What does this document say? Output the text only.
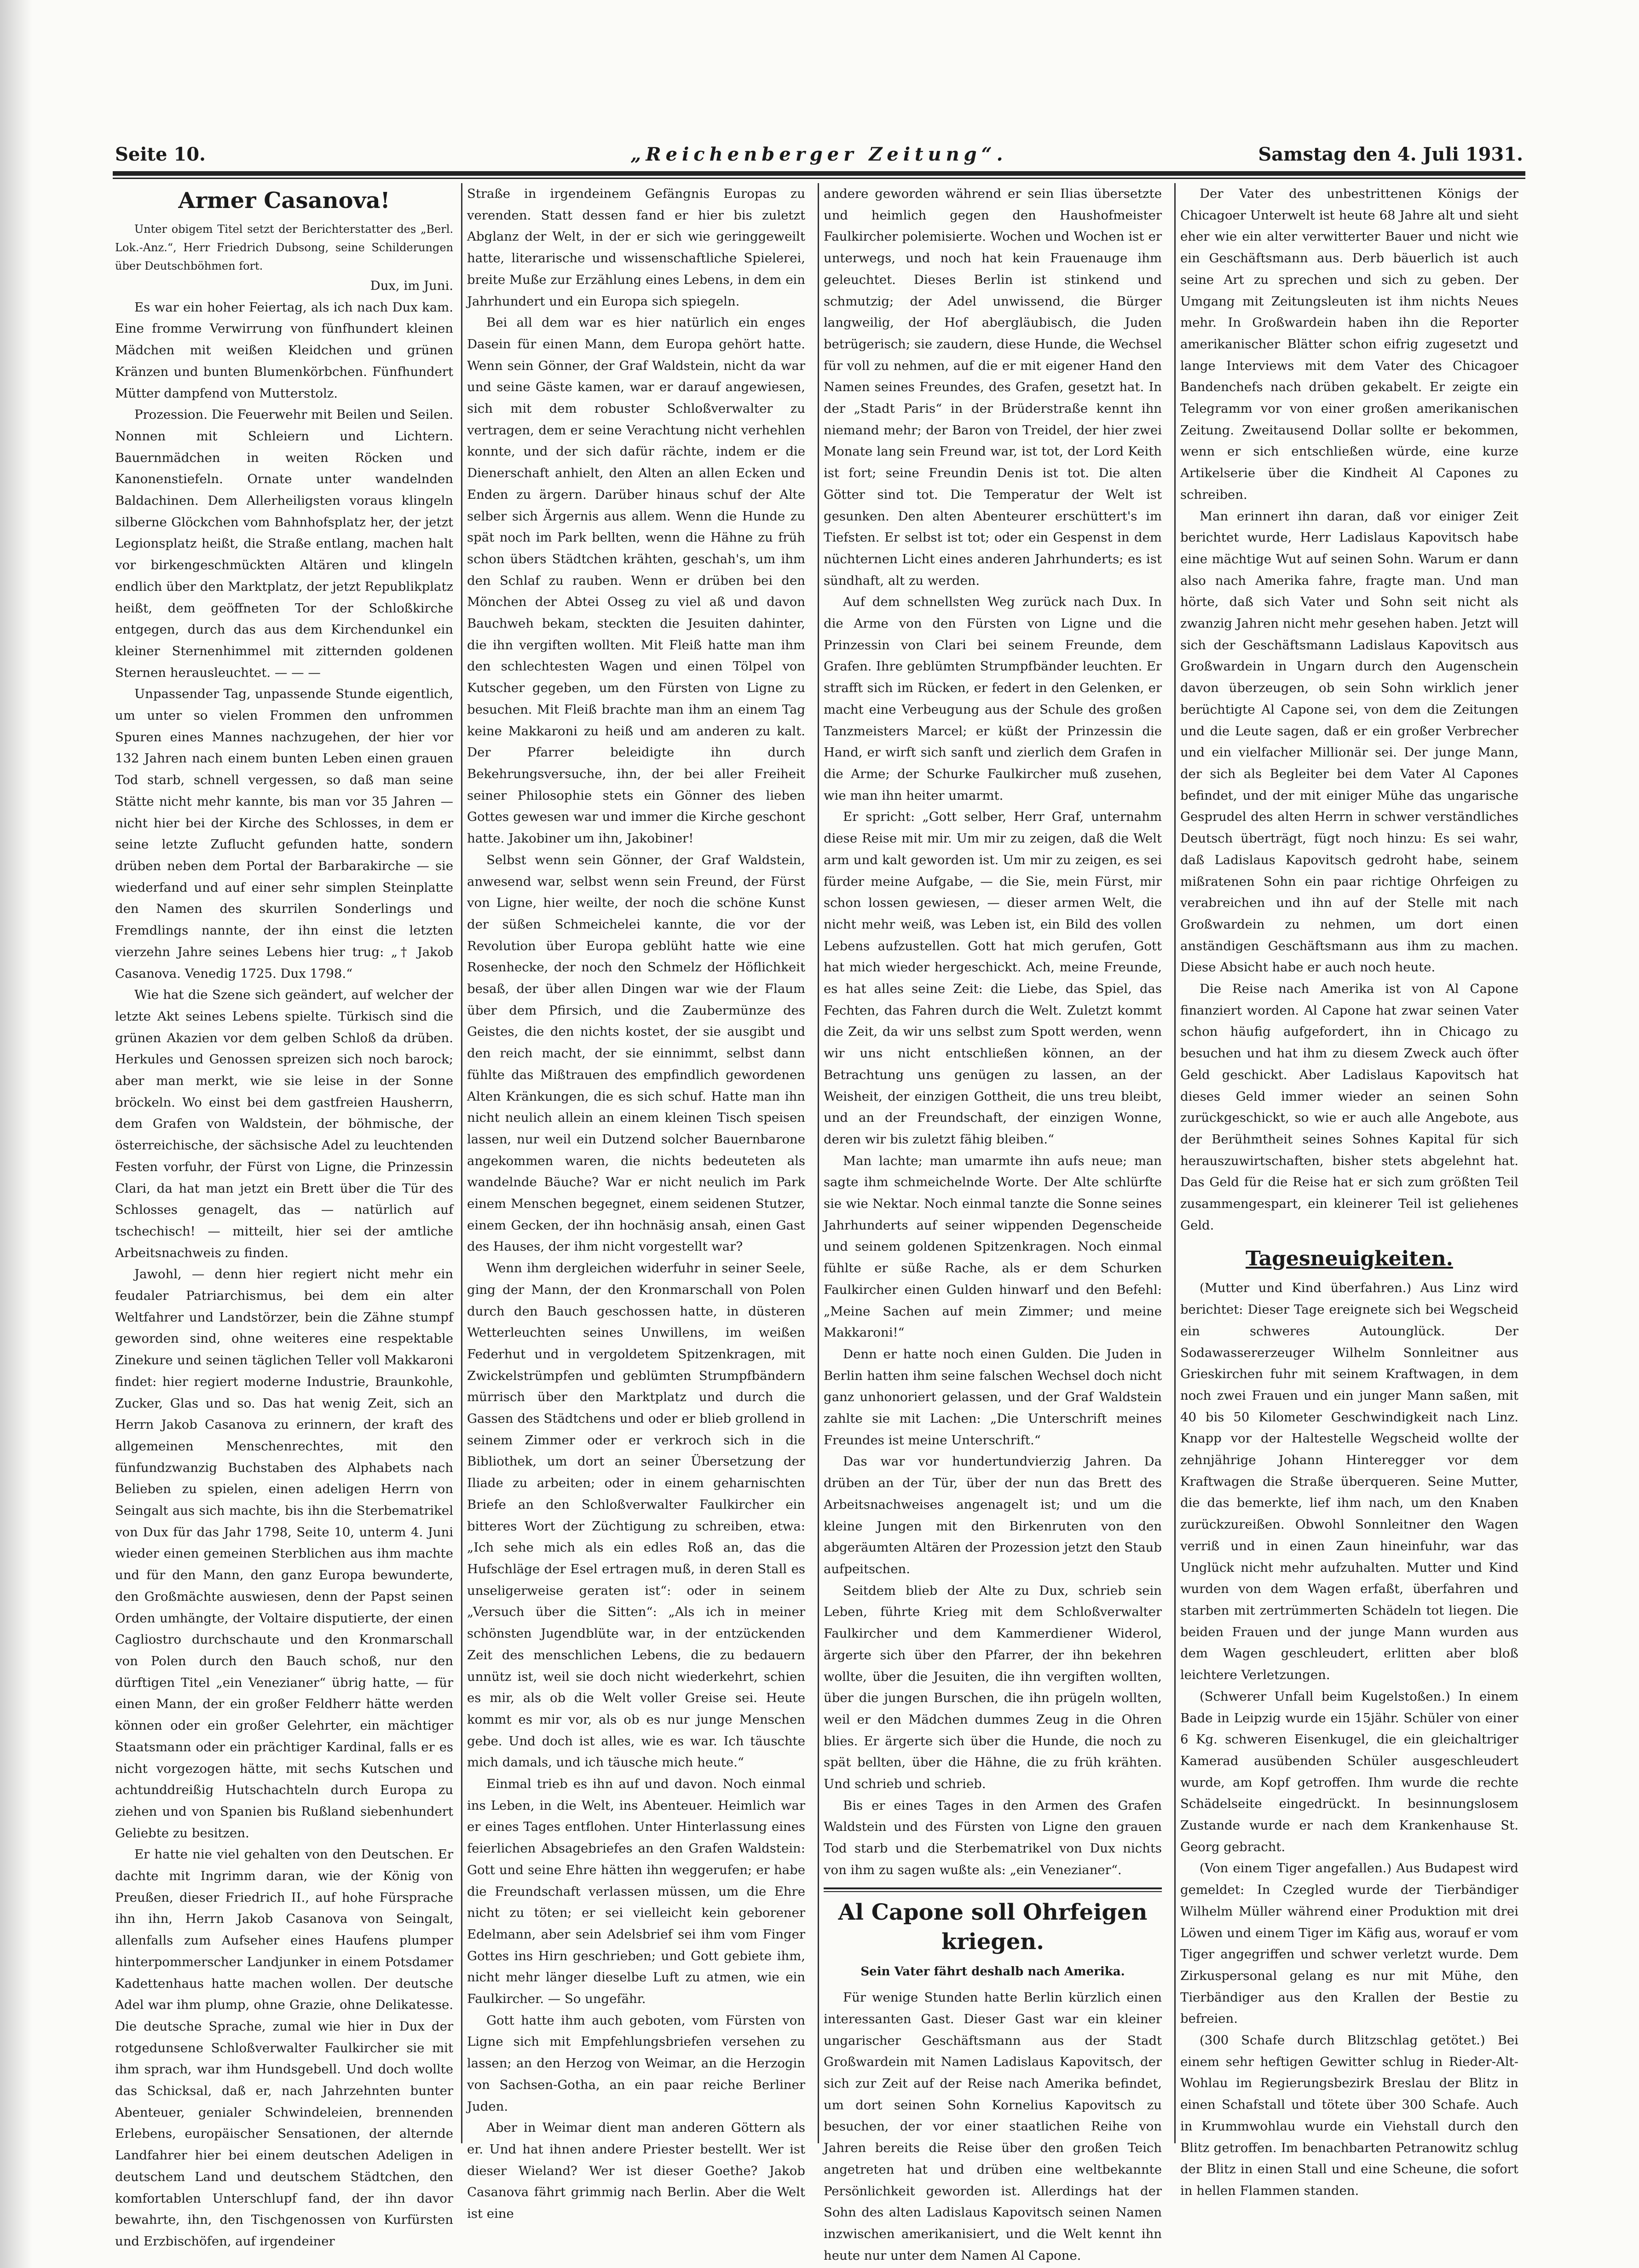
Seite 10.	„Reichenberger Zeitung“.	Samstag den 4. Juli 1931.
Armer Casanova!

Unter obigem Titel setzt der Berichterstatter des „Berl. Lok.-Anz.“, Herr Friedrich Dubsong, seine Schilderungen über Deutschböhmen fort.

Dux, im Juni.

Es war ein hoher Feiertag, als ich nach Dux kam. Eine fromme Verwirrung von fünfhundert kleinen Mädchen mit weißen Kleidchen und grünen Kränzen und bunten Blumenkörbchen. Fünfhundert Mütter dampfend von Mutterstolz.

Prozession. Die Feuerwehr mit Beilen und Seilen. Nonnen mit Schleiern und Lichtern. Bauernmädchen in weiten Röcken und Kanonenstiefeln. Ornate unter wandelnden Baldachinen. Dem Allerheiligsten voraus klingeln silberne Glöckchen vom Bahnhofsplatz her, der jetzt Legionsplatz heißt, die Straße entlang, machen halt vor birkengeschmückten Altären und klingeln endlich über den Marktplatz, der jetzt Republikplatz heißt, dem geöffneten Tor der Schloßkirche entgegen, durch das aus dem Kirchendunkel ein kleiner Sternenhimmel mit zitternden goldenen Sternen herausleuchtet. — — —

Unpassender Tag, unpassende Stunde eigentlich, um unter so vielen Frommen den unfrommen Spuren eines Mannes nachzugehen, der hier vor 132 Jahren nach einem bunten Leben einen grauen Tod starb, schnell vergessen, so daß man seine Stätte nicht mehr kannte, bis man vor 35 Jahren — nicht hier bei der Kirche des Schlosses, in dem er seine letzte Zuflucht gefunden hatte, sondern drüben neben dem Portal der Barbarakirche — sie wiederfand und auf einer sehr simplen Steinplatte den Namen des skurrilen Sonderlings und Fremdlings nannte, der ihn einst die letzten vierzehn Jahre seines Lebens hier trug: „† Jakob Casanova. Venedig 1725. Dux 1798.“

Wie hat die Szene sich geändert, auf welcher der letzte Akt seines Lebens spielte. Türkisch sind die grünen Akazien vor dem gelben Schloß da drüben. Herkules und Genossen spreizen sich noch barock; aber man merkt, wie sie leise in der Sonne bröckeln. Wo einst bei dem gastfreien Hausherrn, dem Grafen von Waldstein, der böhmische, der österreichische, der sächsische Adel zu leuchtenden Festen vorfuhr, der Fürst von Ligne, die Prinzessin Clari, da hat man jetzt ein Brett über die Tür des Schlosses genagelt, das — natürlich auf tschechisch! — mitteilt, hier sei der amtliche Arbeitsnachweis zu finden.

Jawohl, — denn hier regiert nicht mehr ein feudaler Patriarchismus, bei dem ein alter Weltfahrer und Landstörzer, bein die Zähne stumpf geworden sind, ohne weiteres eine respektable Zinekure und seinen täglichen Teller voll Makkaroni findet: hier regiert moderne Industrie, Braunkohle, Zucker, Glas und so. Das hat wenig Zeit, sich an Herrn Jakob Casanova zu erinnern, der kraft des allgemeinen Menschenrechtes, mit den fünfundzwanzig Buchstaben des Alphabets nach Belieben zu spielen, einen adeligen Herrn von Seingalt aus sich machte, bis ihn die Sterbematrikel von Dux für das Jahr 1798, Seite 10, unterm 4. Juni wieder einen gemeinen Sterblichen aus ihm machte und für den Mann, den ganz Europa bewunderte, den Großmächte auswiesen, denn der Papst seinen Orden umhängte, der Voltaire disputierte, der einen Cagliostro durchschaute und den Kronmarschall von Polen durch den Bauch schoß, nur den dürftigen Titel „ein Venezianer“ übrig hatte, — für einen Mann, der ein großer Feldherr hätte werden können oder ein großer Gelehrter, ein mächtiger Staatsmann oder ein prächtiger Kardinal, falls er es nicht vorgezogen hätte, mit sechs Kutschen und achtunddreißig Hutschachteln durch Europa zu ziehen und von Spanien bis Rußland siebenhundert Geliebte zu besitzen.

Er hatte nie viel gehalten von den Deutschen. Er dachte mit Ingrimm daran, wie der König von Preußen, dieser Friedrich II., auf hohe Fürsprache ihn ihn, Herrn Jakob Casanova von Seingalt, allenfalls zum Aufseher eines Haufens plumper hinterpommerscher Landjunker in einem Potsdamer Kadettenhaus hatte machen wollen. Der deutsche Adel war ihm plump, ohne Grazie, ohne Delikatesse. Die deutsche Sprache, zumal wie hier in Dux der rotgedunsene Schloßverwalter Faulkircher sie mit ihm sprach, war ihm Hundsgebell. Und doch wollte das Schicksal, daß er, nach Jahrzehnten bunter Abenteuer, genialer Schwindeleien, brennenden Erlebens, europäischer Sensationen, der alternde Landfahrer hier bei einem deutschen Adeligen in deutschem Land und deutschem Städtchen, den komfortablen Unterschlupf fand, der ihn davor bewahrte, ihn, den Tischgenossen von Kurfürsten und Erzbischöfen, auf irgendeiner

Straße in irgendeinem Gefängnis Europas zu verenden. Statt dessen fand er hier bis zuletzt Abglanz der Welt, in der er sich wie geringgeweilt hatte, literarische und wissenschaftliche Spielerei, breite Muße zur Erzählung eines Lebens, in dem ein Jahrhundert und ein Europa sich spiegeln.

Bei all dem war es hier natürlich ein enges Dasein für einen Mann, dem Europa gehört hatte. Wenn sein Gönner, der Graf Waldstein, nicht da war und seine Gäste kamen, war er darauf angewiesen, sich mit dem robuster Schloßverwalter zu vertragen, dem er seine Verachtung nicht verhehlen konnte, und der sich dafür rächte, indem er die Dienerschaft anhielt, den Alten an allen Ecken und Enden zu ärgern. Darüber hinaus schuf der Alte selber sich Ärgernis aus allem. Wenn die Hunde zu spät noch im Park bellten, wenn die Hähne zu früh schon übers Städtchen krähten, geschah's, um ihm den Schlaf zu rauben. Wenn er drüben bei den Mönchen der Abtei Osseg zu viel aß und davon Bauchweh bekam, steckten die Jesuiten dahinter, die ihn vergiften wollten. Mit Fleiß hatte man ihm den schlechtesten Wagen und einen Tölpel von Kutscher gegeben, um den Fürsten von Ligne zu besuchen. Mit Fleiß brachte man ihm an einem Tag keine Makkaroni zu heiß und am anderen zu kalt. Der Pfarrer beleidigte ihn durch Bekehrungsversuche, ihn, der bei aller Freiheit seiner Philosophie stets ein Gönner des lieben Gottes gewesen war und immer die Kirche geschont hatte. Jakobiner um ihn, Jakobiner!

Selbst wenn sein Gönner, der Graf Waldstein, anwesend war, selbst wenn sein Freund, der Fürst von Ligne, hier weilte, der noch die schöne Kunst der süßen Schmeichelei kannte, die vor der Revolution über Europa geblüht hatte wie eine Rosenhecke, der noch den Schmelz der Höflichkeit besaß, der über allen Dingen war wie der Flaum über dem Pfirsich, und die Zaubermünze des Geistes, die den nichts kostet, der sie ausgibt und den reich macht, der sie einnimmt, selbst dann fühlte das Mißtrauen des empfindlich gewordenen Alten Kränkungen, die es sich schuf. Hatte man ihn nicht neulich allein an einem kleinen Tisch speisen lassen, nur weil ein Dutzend solcher Bauernbarone angekommen waren, die nichts bedeuteten als wandelnde Bäuche? War er nicht neulich im Park einem Menschen begegnet, einem seidenen Stutzer, einem Gecken, der ihn hochnäsig ansah, einen Gast des Hauses, der ihm nicht vorgestellt war?

Wenn ihm dergleichen widerfuhr in seiner Seele, ging der Mann, der den Kronmarschall von Polen durch den Bauch geschossen hatte, in düsteren Wetterleuchten seines Unwillens, im weißen Federhut und in vergoldetem Spitzenkragen, mit Zwickelstrümpfen und geblümten Strumpfbändern mürrisch über den Marktplatz und durch die Gassen des Städtchens und oder er blieb grollend in seinem Zimmer oder er verkroch sich in die Bibliothek, um dort an seiner Übersetzung der Iliade zu arbeiten; oder in einem geharnischten Briefe an den Schloßverwalter Faulkircher ein bitteres Wort der Züchtigung zu schreiben, etwa: „Ich sehe mich als ein edles Roß an, das die Hufschläge der Esel ertragen muß, in deren Stall es unseligerweise geraten ist“: oder in seinem „Versuch über die Sitten“: „Als ich in meiner schönsten Jugendblüte war, in der entzückenden Zeit des menschlichen Lebens, die zu bedauern unnütz ist, weil sie doch nicht wiederkehrt, schien es mir, als ob die Welt voller Greise sei. Heute kommt es mir vor, als ob es nur junge Menschen gebe. Und doch ist alles, wie es war. Ich täuschte mich damals, und ich täusche mich heute.“

Einmal trieb es ihn auf und davon. Noch einmal ins Leben, in die Welt, ins Abenteuer. Heimlich war er eines Tages entflohen. Unter Hinterlassung eines feierlichen Absagebriefes an den Grafen Waldstein: Gott und seine Ehre hätten ihn weggerufen; er habe die Freundschaft verlassen müssen, um die Ehre nicht zu töten; er sei vielleicht kein geborener Edelmann, aber sein Adelsbrief sei ihm vom Finger Gottes ins Hirn geschrieben; und Gott gebiete ihm, nicht mehr länger dieselbe Luft zu atmen, wie ein Faulkircher. — So ungefähr.

Gott hatte ihm auch geboten, vom Fürsten von Ligne sich mit Empfehlungsbriefen versehen zu lassen; an den Herzog von Weimar, an die Herzogin von Sachsen-Gotha, an ein paar reiche Berliner Juden.

Aber in Weimar dient man anderen Göttern als er. Und hat ihnen andere Priester bestellt. Wer ist dieser Wieland? Wer ist dieser Goethe? Jakob Casanova fährt grimmig nach Berlin. Aber die Welt ist eine

andere geworden während er sein Ilias übersetzte und heimlich gegen den Haushofmeister Faulkircher polemisierte. Wochen und Wochen ist er unterwegs, und noch hat kein Frauenauge ihm geleuchtet. Dieses Berlin ist stinkend und schmutzig; der Adel unwissend, die Bürger langweilig, der Hof abergläubisch, die Juden betrügerisch; sie zaudern, diese Hunde, die Wechsel für voll zu nehmen, auf die er mit eigener Hand den Namen seines Freundes, des Grafen, gesetzt hat. In der „Stadt Paris“ in der Brüderstraße kennt ihn niemand mehr; der Baron von Treidel, der hier zwei Monate lang sein Freund war, ist tot, der Lord Keith ist fort; seine Freundin Denis ist tot. Die alten Götter sind tot. Die Temperatur der Welt ist gesunken. Den alten Abenteurer erschüttert's im Tiefsten. Er selbst ist tot; oder ein Gespenst in dem nüchternen Licht eines anderen Jahrhunderts; es ist sündhaft, alt zu werden.

Auf dem schnellsten Weg zurück nach Dux. In die Arme von den Fürsten von Ligne und die Prinzessin von Clari bei seinem Freunde, dem Grafen. Ihre geblümten Strumpfbänder leuchten. Er strafft sich im Rücken, er federt in den Gelenken, er macht eine Verbeugung aus der Schule des großen Tanzmeisters Marcel; er küßt der Prinzessin die Hand, er wirft sich sanft und zierlich dem Grafen in die Arme; der Schurke Faulkircher muß zusehen, wie man ihn heiter umarmt.

Er spricht: „Gott selber, Herr Graf, unternahm diese Reise mit mir. Um mir zu zeigen, daß die Welt arm und kalt geworden ist. Um mir zu zeigen, es sei fürder meine Aufgabe, — die Sie, mein Fürst, mir schon lossen gewiesen, — dieser armen Welt, die nicht mehr weiß, was Leben ist, ein Bild des vollen Lebens aufzustellen. Gott hat mich gerufen, Gott hat mich wieder hergeschickt. Ach, meine Freunde, es hat alles seine Zeit: die Liebe, das Spiel, das Fechten, das Fahren durch die Welt. Zuletzt kommt die Zeit, da wir uns selbst zum Spott werden, wenn wir uns nicht entschließen können, an der Betrachtung uns genügen zu lassen, an der Weisheit, der einzigen Gottheit, die uns treu bleibt, und an der Freundschaft, der einzigen Wonne, deren wir bis zuletzt fähig bleiben.“

Man lachte; man umarmte ihn aufs neue; man sagte ihm schmeichelnde Worte. Der Alte schlürfte sie wie Nektar. Noch einmal tanzte die Sonne seines Jahrhunderts auf seiner wippenden Degenscheide und seinem goldenen Spitzenkragen. Noch einmal fühlte er süße Rache, als er dem Schurken Faulkircher einen Gulden hinwarf und den Befehl: „Meine Sachen auf mein Zimmer; und meine Makkaroni!“

Denn er hatte noch einen Gulden. Die Juden in Berlin hatten ihm seine falschen Wechsel doch nicht ganz unhonoriert gelassen, und der Graf Waldstein zahlte sie mit Lachen: „Die Unterschrift meines Freundes ist meine Unterschrift.“

Das war vor hundertundvierzig Jahren. Da drüben an der Tür, über der nun das Brett des Arbeitsnachweises angenagelt ist; und um die kleine Jungen mit den Birkenruten von den abgeräumten Altären der Prozession jetzt den Staub aufpeitschen.

Seitdem blieb der Alte zu Dux, schrieb sein Leben, führte Krieg mit dem Schloßverwalter Faulkircher und dem Kammerdiener Widerol, ärgerte sich über den Pfarrer, der ihn bekehren wollte, über die Jesuiten, die ihn vergiften wollten, über die jungen Burschen, die ihn prügeln wollten, weil er den Mädchen dummes Zeug in die Ohren blies. Er ärgerte sich über die Hunde, die noch zu spät bellten, über die Hähne, die zu früh krähten. Und schrieb und schrieb.

Bis er eines Tages in den Armen des Grafen Waldstein und des Fürsten von Ligne den grauen Tod starb und die Sterbematrikel von Dux nichts von ihm zu sagen wußte als: „ein Venezianer“.

Al Capone soll Ohrfeigen kriegen.
Sein Vater fährt deshalb nach Amerika.

Für wenige Stunden hatte Berlin kürzlich einen interessanten Gast. Dieser Gast war ein kleiner ungarischer Geschäftsmann aus der Stadt Großwardein mit Namen Ladislaus Kapovitsch, der sich zur Zeit auf der Reise nach Amerika befindet, um dort seinen Sohn Kornelius Kapovitsch zu besuchen, der vor einer staatlichen Reihe von Jahren bereits die Reise über den großen Teich angetreten hat und drüben eine weltbekannte Persönlichkeit geworden ist. Allerdings hat der Sohn des alten Ladislaus Kapovitsch seinen Namen inzwischen amerikanisiert, und die Welt kennt ihn heute nur unter dem Namen Al Capone.

Der Vater des unbestrittenen Königs der Chicagoer Unterwelt ist heute 68 Jahre alt und sieht eher wie ein alter verwitterter Bauer und nicht wie ein Geschäftsmann aus. Derb bäuerlich ist auch seine Art zu sprechen und sich zu geben. Der Umgang mit Zeitungsleuten ist ihm nichts Neues mehr. In Großwardein haben ihn die Reporter amerikanischer Blätter schon eifrig zugesetzt und lange Interviews mit dem Vater des Chicagoer Bandenchefs nach drüben gekabelt. Er zeigte ein Telegramm vor von einer großen amerikanischen Zeitung. Zweitausend Dollar sollte er bekommen, wenn er sich entschließen würde, eine kurze Artikelserie über die Kindheit Al Capones zu schreiben.

Man erinnert ihn daran, daß vor einiger Zeit berichtet wurde, Herr Ladislaus Kapovitsch habe eine mächtige Wut auf seinen Sohn. Warum er dann also nach Amerika fahre, fragte man. Und man hörte, daß sich Vater und Sohn seit nicht als zwanzig Jahren nicht mehr gesehen haben. Jetzt will sich der Geschäftsmann Ladislaus Kapovitsch aus Großwardein in Ungarn durch den Augenschein davon überzeugen, ob sein Sohn wirklich jener berüchtigte Al Capone sei, von dem die Zeitungen und die Leute sagen, daß er ein großer Verbrecher und ein vielfacher Millionär sei. Der junge Mann, der sich als Begleiter bei dem Vater Al Capones befindet, und der mit einiger Mühe das ungarische Gesprudel des alten Herrn in schwer verständliches Deutsch überträgt, fügt noch hinzu: Es sei wahr, daß Ladislaus Kapovitsch gedroht habe, seinem mißratenen Sohn ein paar richtige Ohrfeigen zu verabreichen und ihn auf der Stelle mit nach Großwardein zu nehmen, um dort einen anständigen Geschäftsmann aus ihm zu machen. Diese Absicht habe er auch noch heute.

Die Reise nach Amerika ist von Al Capone finanziert worden. Al Capone hat zwar seinen Vater schon häufig aufgefordert, ihn in Chicago zu besuchen und hat ihm zu diesem Zweck auch öfter Geld geschickt. Aber Ladislaus Kapovitsch hat dieses Geld immer wieder an seinen Sohn zurückgeschickt, so wie er auch alle Angebote, aus der Berühmtheit seines Sohnes Kapital für sich herauszuwirtschaften, bisher stets abgelehnt hat. Das Geld für die Reise hat er sich zum größten Teil zusammengespart, ein kleinerer Teil ist geliehenes Geld.

Tagesneuigkeiten.

(Mutter und Kind überfahren.) Aus Linz wird berichtet: Dieser Tage ereignete sich bei Wegscheid ein schweres Autounglück. Der Sodawassererzeuger Wilhelm Sonnleitner aus Grieskirchen fuhr mit seinem Kraftwagen, in dem noch zwei Frauen und ein junger Mann saßen, mit 40 bis 50 Kilometer Geschwindigkeit nach Linz. Knapp vor der Haltestelle Wegscheid wollte der zehnjährige Johann Hinteregger vor dem Kraftwagen die Straße überqueren. Seine Mutter, die das bemerkte, lief ihm nach, um den Knaben zurückzureißen. Obwohl Sonnleitner den Wagen verriß und in einen Zaun hineinfuhr, war das Unglück nicht mehr aufzuhalten. Mutter und Kind wurden von dem Wagen erfaßt, überfahren und starben mit zertrümmerten Schädeln tot liegen. Die beiden Frauen und der junge Mann wurden aus dem Wagen geschleudert, erlitten aber bloß leichtere Verletzungen.

(Schwerer Unfall beim Kugelstoßen.) In einem Bade in Leipzig wurde ein 15jähr. Schüler von einer 6 Kg. schweren Eisenkugel, die ein gleichaltriger Kamerad ausübenden Schüler ausgeschleudert wurde, am Kopf getroffen. Ihm wurde die rechte Schädelseite eingedrückt. In besinnungslosem Zustande wurde er nach dem Krankenhause St. Georg gebracht.

(Von einem Tiger angefallen.) Aus Budapest wird gemeldet: In Czegled wurde der Tierbändiger Wilhelm Müller während einer Produktion mit drei Löwen und einem Tiger im Käfig aus, worauf er vom Tiger angegriffen und schwer verletzt wurde. Dem Zirkuspersonal gelang es nur mit Mühe, den Tierbändiger aus den Krallen der Bestie zu befreien.

(300 Schafe durch Blitzschlag getötet.) Bei einem sehr heftigen Gewitter schlug in Rieder-Alt-Wohlau im Regierungsbezirk Breslau der Blitz in einen Schafstall und tötete über 300 Schafe. Auch in Krummwohlau wurde ein Viehstall durch den Blitz getroffen. Im benachbarten Petranowitz schlug der Blitz in einen Stall und eine Scheune, die sofort in hellen Flammen standen.
